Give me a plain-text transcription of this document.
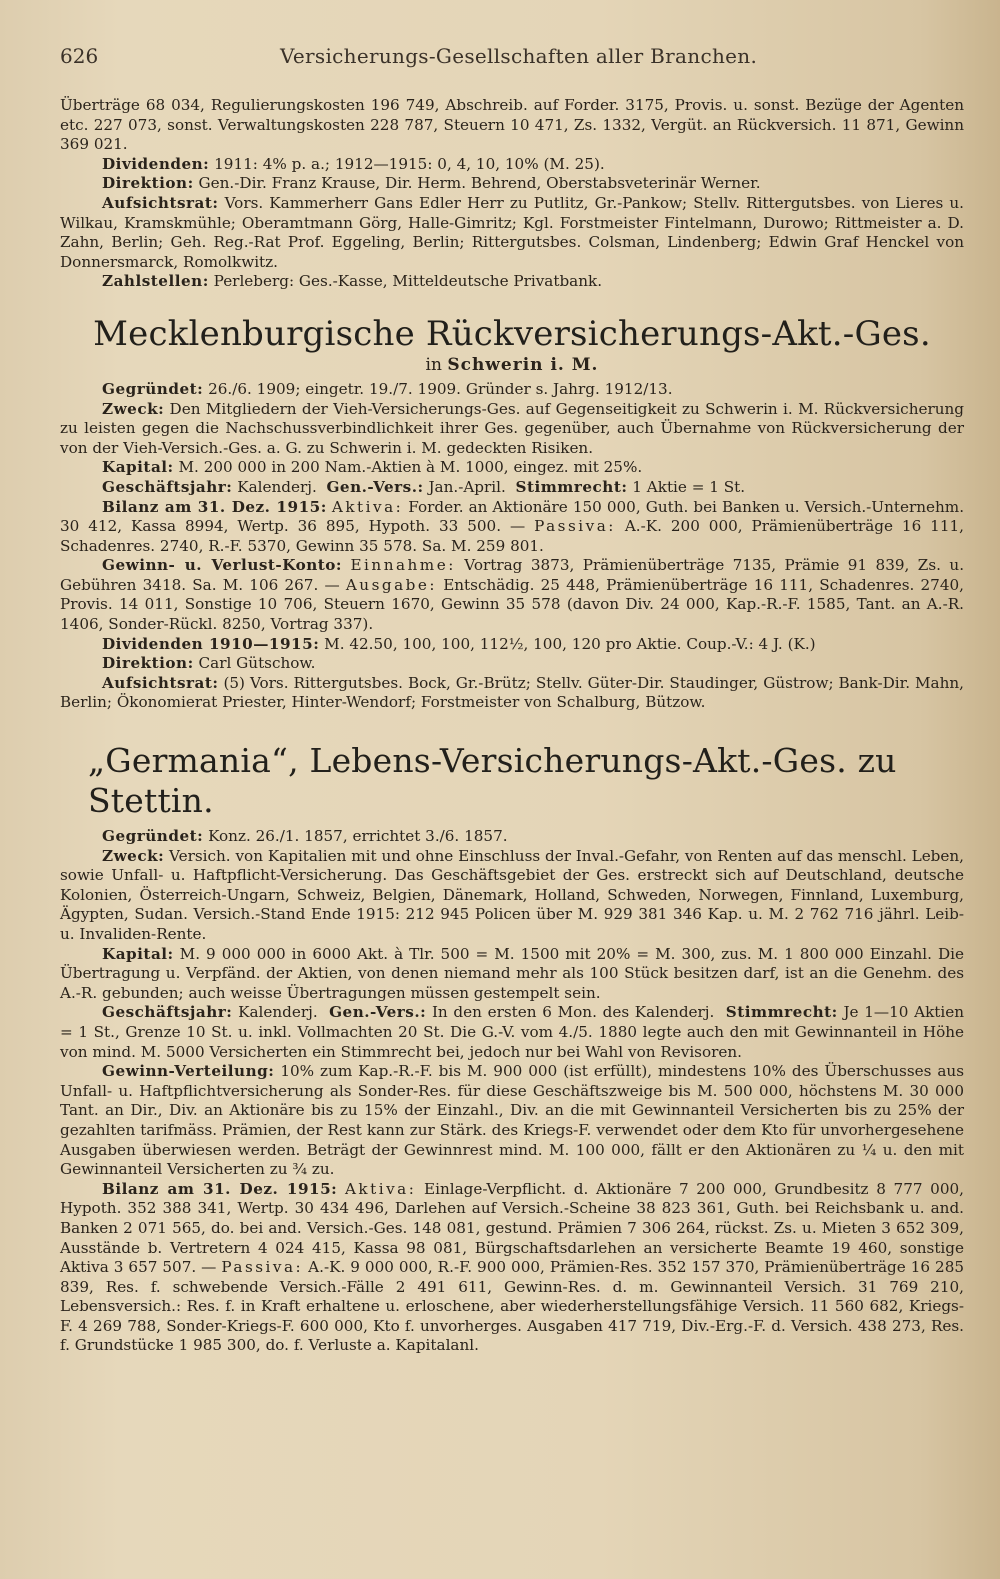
626	Versicherungs-Gesellschaften aller Branchen.

Überträge 68 034, Regulierungskosten 196 749, Abschreib. auf Forder. 3175, Provis. u. sonst. Bezüge der Agenten etc. 227 073, sonst. Verwaltungskosten 228 787, Steuern 10 471, Zs. 1332, Vergüt. an Rückversich. 11 871, Gewinn 369 021.

Dividenden: 1911: 4% p. a.; 1912—1915: 0, 4, 10, 10% (M. 25).

Direktion: Gen.-Dir. Franz Krause, Dir. Herm. Behrend, Oberstabsveterinär Werner.

Aufsichtsrat: Vors. Kammerherr Gans Edler Herr zu Putlitz, Gr.-Pankow; Stellv. Rittergutsbes. von Lieres u. Wilkau, Kramskmühle; Oberamtmann Görg, Halle-Gimritz; Kgl. Forstmeister Fintelmann, Durowo; Rittmeister a. D. Zahn, Berlin; Geh. Reg.-Rat Prof. Eggeling, Berlin; Rittergutsbes. Colsman, Lindenberg; Edwin Graf Henckel von Donnersmarck, Romolkwitz.

Zahlstellen: Perleberg: Ges.-Kasse, Mitteldeutsche Privatbank.

Mecklenburgische Rückversicherungs-Akt.-Ges.
in Schwerin i. M.

Gegründet: 26./6. 1909; eingetr. 19./7. 1909. Gründer s. Jahrg. 1912/13.

Zweck: Den Mitgliedern der Vieh-Versicherungs-Ges. auf Gegenseitigkeit zu Schwerin i. M. Rückversicherung zu leisten gegen die Nachschussverbindlichkeit ihrer Ges. gegenüber, auch Übernahme von Rückversicherung der von der Vieh-Versich.-Ges. a. G. zu Schwerin i. M. gedeckten Risiken.

Kapital: M. 200 000 in 200 Nam.-Aktien à M. 1000, eingez. mit 25%.

Geschäftsjahr: Kalenderj. Gen.-Vers.: Jan.-April. Stimmrecht: 1 Aktie = 1 St.

Bilanz am 31. Dez. 1915: Aktiva: Forder. an Aktionäre 150 000, Guth. bei Banken u. Versich.-Unternehm. 30 412, Kassa 8994, Wertp. 36 895, Hypoth. 33 500. — Passiva: A.-K. 200 000, Prämienüberträge 16 111, Schadenres. 2740, R.-F. 5370, Gewinn 35 578. Sa. M. 259 801.

Gewinn- u. Verlust-Konto: Einnahme: Vortrag 3873, Prämienüberträge 7135, Prämie 91 839, Zs. u. Gebühren 3418. Sa. M. 106 267. — Ausgabe: Entschädig. 25 448, Prämienüberträge 16 111, Schadenres. 2740, Provis. 14 011, Sonstige 10 706, Steuern 1670, Gewinn 35 578 (davon Div. 24 000, Kap.-R.-F. 1585, Tant. an A.-R. 1406, Sonder-Rückl. 8250, Vortrag 337).

Dividenden 1910—1915: M. 42.50, 100, 100, 112½, 100, 120 pro Aktie. Coup.-V.: 4 J. (K.)

Direktion: Carl Gütschow.

Aufsichtsrat: (5) Vors. Rittergutsbes. Bock, Gr.-Brütz; Stellv. Güter-Dir. Staudinger, Güstrow; Bank-Dir. Mahn, Berlin; Ökonomierat Priester, Hinter-Wendorf; Forstmeister von Schalburg, Bützow.

„Germania“, Lebens-Versicherungs-Akt.-Ges. zu Stettin.

Gegründet: Konz. 26./1. 1857, errichtet 3./6. 1857.

Zweck: Versich. von Kapitalien mit und ohne Einschluss der Inval.-Gefahr, von Renten auf das menschl. Leben, sowie Unfall- u. Haftpflicht-Versicherung. Das Geschäftsgebiet der Ges. erstreckt sich auf Deutschland, deutsche Kolonien, Österreich-Ungarn, Schweiz, Belgien, Dänemark, Holland, Schweden, Norwegen, Finnland, Luxemburg, Ägypten, Sudan. Versich.-Stand Ende 1915: 212 945 Policen über M. 929 381 346 Kap. u. M. 2 762 716 jährl. Leib- u. Invaliden-Rente.

Kapital: M. 9 000 000 in 6000 Akt. à Tlr. 500 = M. 1500 mit 20% = M. 300, zus. M. 1 800 000 Einzahl. Die Übertragung u. Verpfänd. der Aktien, von denen niemand mehr als 100 Stück besitzen darf, ist an die Genehm. des A.-R. gebunden; auch weisse Übertragungen müssen gestempelt sein.

Geschäftsjahr: Kalenderj. Gen.-Vers.: In den ersten 6 Mon. des Kalenderj. Stimmrecht: Je 1—10 Aktien = 1 St., Grenze 10 St. u. inkl. Vollmachten 20 St. Die G.-V. vom 4./5. 1880 legte auch den mit Gewinnanteil in Höhe von mind. M. 5000 Versicherten ein Stimmrecht bei, jedoch nur bei Wahl von Revisoren.

Gewinn-Verteilung: 10% zum Kap.-R.-F. bis M. 900 000 (ist erfüllt), mindestens 10% des Überschusses aus Unfall- u. Haftpflichtversicherung als Sonder-Res. für diese Geschäftszweige bis M. 500 000, höchstens M. 30 000 Tant. an Dir., Div. an Aktionäre bis zu 15% der Einzahl., Div. an die mit Gewinnanteil Versicherten bis zu 25% der gezahlten tarifmäss. Prämien, der Rest kann zur Stärk. des Kriegs-F. verwendet oder dem Kto für unvorhergesehene Ausgaben überwiesen werden. Beträgt der Gewinnrest mind. M. 100 000, fällt er den Aktionären zu ¼ u. den mit Gewinnanteil Versicherten zu ¾ zu.

Bilanz am 31. Dez. 1915: Aktiva: Einlage-Verpflicht. d. Aktionäre 7 200 000, Grundbesitz 8 777 000, Hypoth. 352 388 341, Wertp. 30 434 496, Darlehen auf Versich.-Scheine 38 823 361, Guth. bei Reichsbank u. and. Banken 2 071 565, do. bei and. Versich.-Ges. 148 081, gestund. Prämien 7 306 264, rückst. Zs. u. Mieten 3 652 309, Ausstände b. Vertretern 4 024 415, Kassa 98 081, Bürgschaftsdarlehen an versicherte Beamte 19 460, sonstige Aktiva 3 657 507. — Passiva: A.-K. 9 000 000, R.-F. 900 000, Prämien-Res. 352 157 370, Prämienüberträge 16 285 839, Res. f. schwebende Versich.-Fälle 2 491 611, Gewinn-Res. d. m. Gewinnanteil Versich. 31 769 210, Lebensversich.: Res. f. in Kraft erhaltene u. erloschene, aber wiederherstellungsfähige Versich. 11 560 682, Kriegs-F. 4 269 788, Sonder-Kriegs-F. 600 000, Kto f. unvorherges. Ausgaben 417 719, Div.-Erg.-F. d. Versich. 438 273, Res. f. Grundstücke 1 985 300, do. f. Verluste a. Kapitalanl.
